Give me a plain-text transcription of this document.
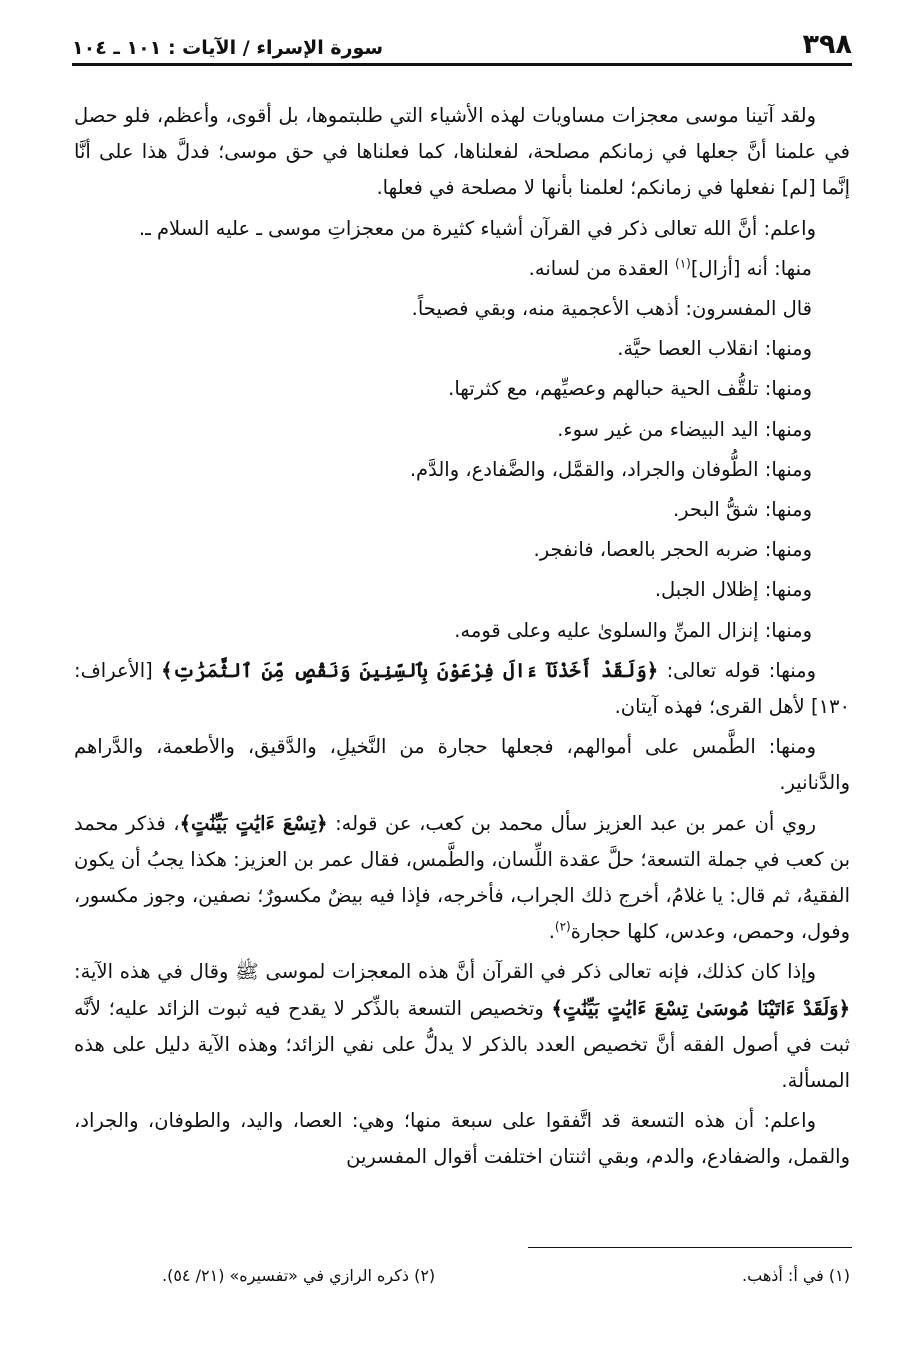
٣٩٨
سورة الإسراء / الآيات : ١٠١ ـ ١٠٤

ولقد آتينا موسى معجزات مساويات لهذه الأشياء التي طلبتموها، بل أقوى، وأعظم، فلو حصل في علمنا أنَّ جعلها في زمانكم مصلحة، لفعلناها، كما فعلناها في حق موسى؛ فدلَّ هذا على أنَّا إنَّما [لم] نفعلها في زمانكم؛ لعلمنا بأنها لا مصلحة في فعلها.

واعلم: أنَّ الله تعالى ذكر في القرآن أشياء كثيرة من معجزاتِ موسى ـ عليه السلام ـ.

منها: أنه [أزال]$^{(١)}$ العقدة من لسانه.

قال المفسرون: أذهب الأعجمية منه، وبقي فصيحاً.

ومنها: انقلاب العصا حيَّة.

ومنها: تلقُّف الحية حبالهم وعصيِّهم، مع كثرتها.

ومنها: اليد البيضاء من غير سوء.

ومنها: الطُّوفان والجراد، والقمَّل، والضَّفادع، والدَّم.

ومنها: شقُّ البحر.

ومنها: ضربه الحجر بالعصا، فانفجر.

ومنها: إظلال الجبل.

ومنها: إنزال المنِّ والسلوىٰ عليه وعلى قومه.

ومنها: قوله تعالى: ﴿وَلَقَدْ أَخَذْنَآ ءَالَ فِرْعَوْنَ بِٱلسِّنِينَ وَنَقْصٍ مِّنَ ٱلثَّمَرَٰتِ﴾ [الأعراف: ١٣٠] لأهل القرى؛ فهذه آيتان.

ومنها: الطَّمس على أموالهم، فجعلها حجارة من النَّخيلِ، والدَّقيق، والأطعمة، والدَّراهم والدَّنانير.

روي أن عمر بن عبد العزيز سأل محمد بن كعب، عن قوله: ﴿تِسْعَ ءَايَٰتٍ بَيِّنَٰتٍ﴾، فذكر محمد بن كعب في جملة التسعة؛ حلَّ عقدة اللِّسان، والطَّمس، فقال عمر بن العزيز: هكذا يجبُ أن يكون الفقيهُ، ثم قال: يا غلامُ، أخرج ذلك الجراب، فأخرجه، فإذا فيه بيضٌ مكسورٌ؛ نصفين، وجوز مكسور، وفول، وحمص، وعدس، كلها حجارة$^{(٢)}$.

وإذا كان كذلك، فإنه تعالى ذكر في القرآن أنَّ هذه المعجزات لموسى ﷺ وقال في هذه الآية: ﴿وَلَقَدْ ءَاتَيْنَا مُوسَىٰ تِسْعَ ءَايَٰتٍ بَيِّنَٰتٍ﴾ وتخصيص التسعة بالذِّكر لا يقدح فيه ثبوت الزائد عليه؛ لأنَّه ثبت في أصول الفقه أنَّ تخصيص العدد بالذكر لا يدلُّ على نفي الزائد؛ وهذه الآية دليل على هذه المسألة.

واعلم: أن هذه التسعة قد اتَّفقوا على سبعة منها؛ وهي: العصا، واليد، والطوفان، والجراد، والقمل، والضفادع، والدم، وبقي اثنتان اختلفت أقوال المفسرين

(١) في أ: أذهب.
(٢) ذكره الرازي في «تفسيره» (٢١/ ٥٤).
